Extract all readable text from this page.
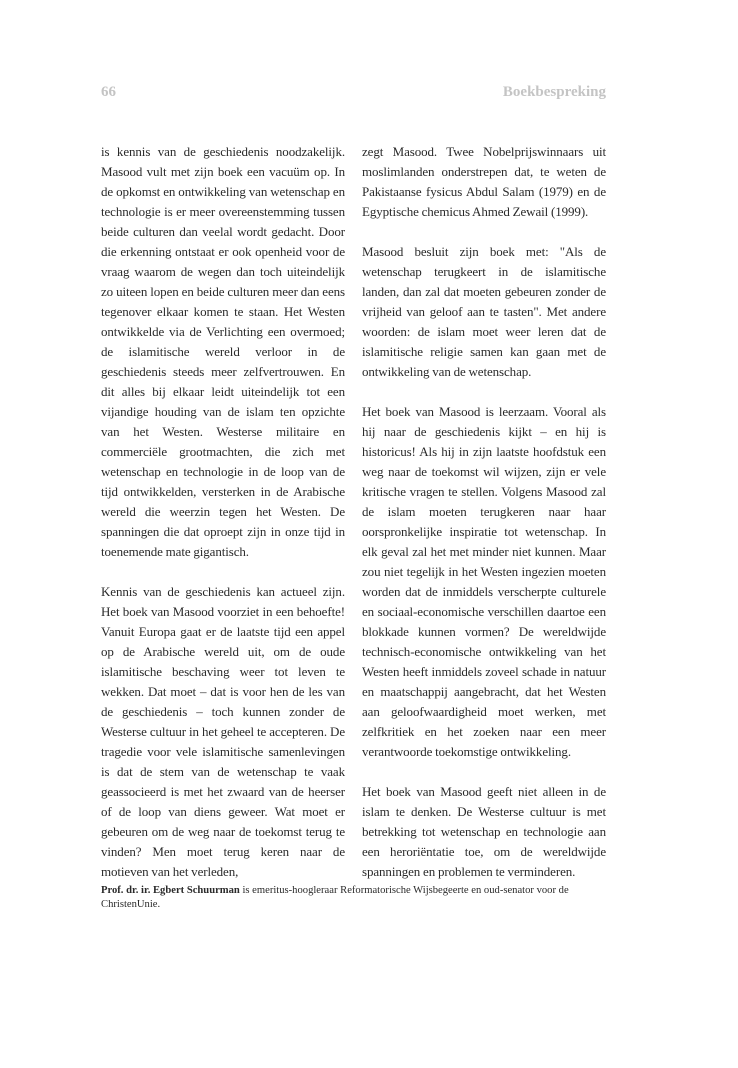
66	Boekbespreking

is kennis van de geschiedenis noodzakelijk. Masood vult met zijn boek een vacuüm op. In de opkomst en ontwikkeling van wetenschap en technologie is er meer overeenstemming tussen beide culturen dan veelal wordt gedacht. Door die erkenning ontstaat er ook openheid voor de vraag waarom de wegen dan toch uiteindelijk zo uiteen lopen en beide culturen meer dan eens tegenover elkaar komen te staan. Het Westen ontwikkelde via de Verlichting een overmoed; de islamitische wereld verloor in de geschiedenis steeds meer zelfvertrouwen. En dit alles bij elkaar leidt uiteindelijk tot een vijandige houding van de islam ten opzichte van het Westen. Westerse militaire en commerciële grootmachten, die zich met wetenschap en technologie in de loop van de tijd ontwikkelden, versterken in de Arabische wereld die weerzin tegen het Westen. De spanningen die dat oproept zijn in onze tijd in toenemende mate gigantisch.

Kennis van de geschiedenis kan actueel zijn. Het boek van Masood voorziet in een behoefte! Vanuit Europa gaat er de laatste tijd een appel op de Arabische wereld uit, om de oude islamitische beschaving weer tot leven te wekken. Dat moet – dat is voor hen de les van de geschiedenis – toch kunnen zonder de Westerse cultuur in het geheel te accepteren. De tragedie voor vele islamitische samenlevingen is dat de stem van de wetenschap te vaak geassocieerd is met het zwaard van de heerser of de loop van diens geweer. Wat moet er gebeuren om de weg naar de toekomst terug te vinden? Men moet terug keren naar de motieven van het verleden,

zegt Masood. Twee Nobelprijswinnaars uit moslimlanden onderstrepen dat, te weten de Pakistaanse fysicus Abdul Salam (1979) en de Egyptische chemicus Ahmed Zewail (1999).

Masood besluit zijn boek met: "Als de wetenschap terugkeert in de islamitische landen, dan zal dat moeten gebeuren zonder de vrijheid van geloof aan te tasten". Met andere woorden: de islam moet weer leren dat de islamitische religie samen kan gaan met de ontwikkeling van de wetenschap.

Het boek van Masood is leerzaam. Vooral als hij naar de geschiedenis kijkt – en hij is historicus! Als hij in zijn laatste hoofdstuk een weg naar de toekomst wil wijzen, zijn er vele kritische vragen te stellen. Volgens Masood zal de islam moeten terugkeren naar haar oorspronkelijke inspiratie tot wetenschap. In elk geval zal het met minder niet kunnen. Maar zou niet tegelijk in het Westen ingezien moeten worden dat de inmiddels verscherpte culturele en sociaal-economische verschillen daartoe een blokkade kunnen vormen? De wereldwijde technisch-economische ontwikkeling van het Westen heeft inmiddels zoveel schade in natuur en maatschappij aangebracht, dat het Westen aan geloofwaardigheid moet werken, met zelfkritiek en het zoeken naar een meer verantwoorde toekomstige ontwikkeling.

Het boek van Masood geeft niet alleen in de islam te denken. De Westerse cultuur is met betrekking tot wetenschap en technologie aan een heroriëntatie toe, om de wereldwijde spanningen en problemen te verminderen.

Prof. dr. ir. Egbert Schuurman is emeritus-hoogleraar Reformatorische Wijsbegeerte en oud-senator voor de ChristenUnie.
